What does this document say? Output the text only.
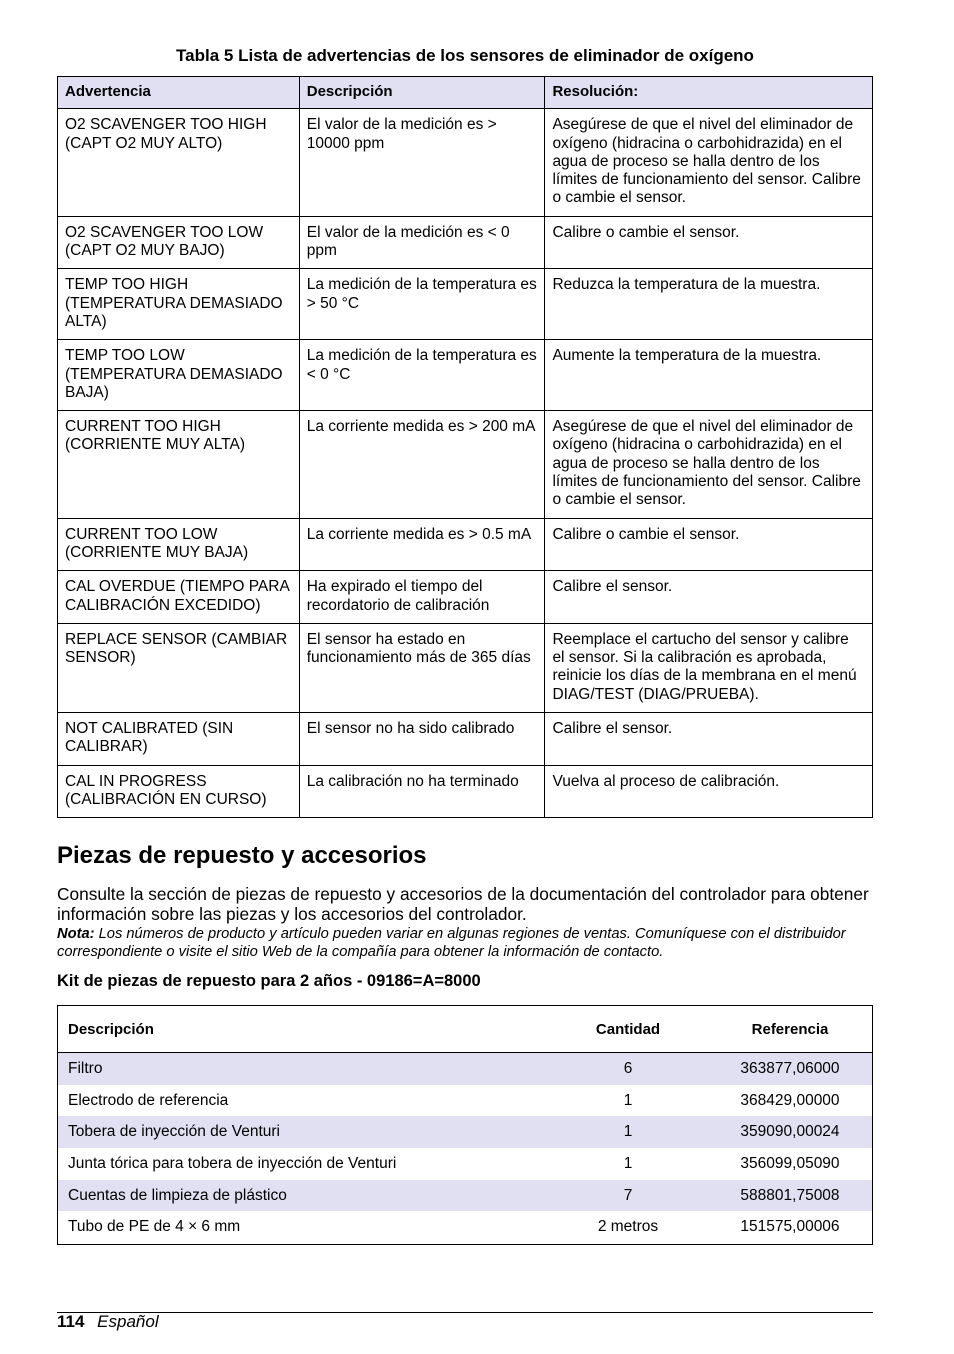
Tabla 5 Lista de advertencias de los sensores de eliminador de oxígeno
Advertencia	Descripción	Resolución:
O2 SCAVENGER TOO HIGH (CAPT O2 MUY ALTO)	El valor de la medición es > 10000 ppm	Asegúrese de que el nivel del eliminador de oxígeno (hidracina o carbohidrazida) en el agua de proceso se halla dentro de los límites de funcionamiento del sensor. Calibre o cambie el sensor.
O2 SCAVENGER TOO LOW (CAPT O2 MUY BAJO)	El valor de la medición es < 0 ppm	Calibre o cambie el sensor.
TEMP TOO HIGH (TEMPERATURA DEMASIADO ALTA)	La medición de la temperatura es > 50 °C	Reduzca la temperatura de la muestra.
TEMP TOO LOW (TEMPERATURA DEMASIADO BAJA)	La medición de la temperatura es < 0 °C	Aumente la temperatura de la muestra.
CURRENT TOO HIGH (CORRIENTE MUY ALTA)	La corriente medida es > 200 mA	Asegúrese de que el nivel del eliminador de oxígeno (hidracina o carbohidrazida) en el agua de proceso se halla dentro de los límites de funcionamiento del sensor. Calibre o cambie el sensor.
CURRENT TOO LOW (CORRIENTE MUY BAJA)	La corriente medida es > 0.5 mA	Calibre o cambie el sensor.
CAL OVERDUE (TIEMPO PARA CALIBRACIÓN EXCEDIDO)	Ha expirado el tiempo del recordatorio de calibración	Calibre el sensor.
REPLACE SENSOR (CAMBIAR SENSOR)	El sensor ha estado en funcionamiento más de 365 días	Reemplace el cartucho del sensor y calibre el sensor. Si la calibración es aprobada, reinicie los días de la membrana en el menú DIAG/TEST (DIAG/PRUEBA).
NOT CALIBRATED (SIN CALIBRAR)	El sensor no ha sido calibrado	Calibre el sensor.
CAL IN PROGRESS (CALIBRACIÓN EN CURSO)	La calibración no ha terminado	Vuelva al proceso de calibración.
Piezas de repuesto y accesorios

Consulte la sección de piezas de repuesto y accesorios de la documentación del controlador para obtener información sobre las piezas y los accesorios del controlador.

Nota: Los números de producto y artículo pueden variar en algunas regiones de ventas. Comuníquese con el distribuidor correspondiente o visite el sitio Web de la compañía para obtener la información de contacto.

Kit de piezas de repuesto para 2 años - 09186=A=8000
Descripción	Cantidad	Referencia
Filtro	6	363877,06000
Electrodo de referencia	1	368429,00000
Tobera de inyección de Venturi	1	359090,00024
Junta tórica para tobera de inyección de Venturi	1	356099,05090
Cuentas de limpieza de plástico	7	588801,75008
Tubo de PE de 4 × 6 mm	2 metros	151575,00006
114 Español
